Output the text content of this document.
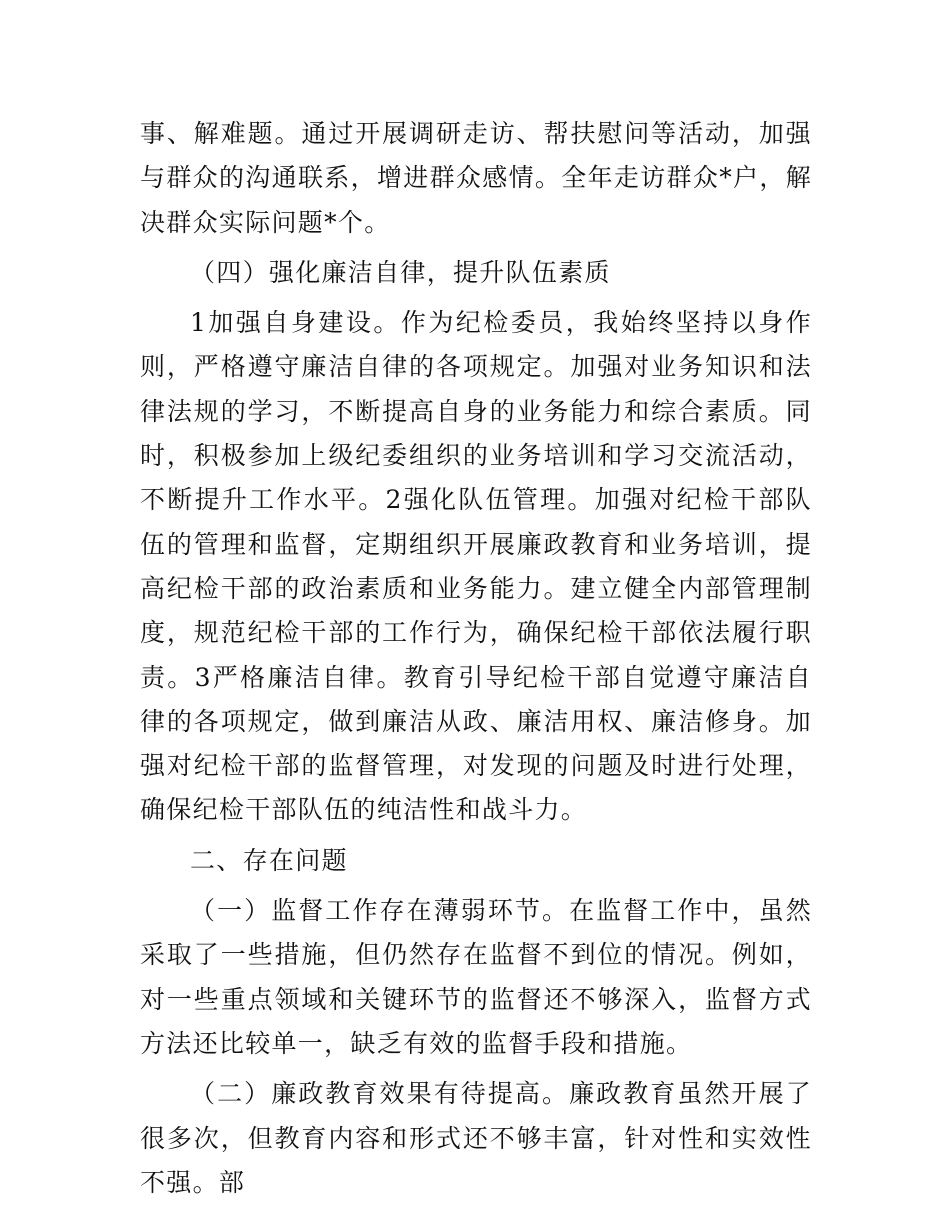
事、解难题。通过开展调研走访、帮扶慰问等活动，加强与群众的沟通联系，增进群众感情。全年走访群众*户，解决群众实际问题*个。

（四）强化廉洁自律，提升队伍素质

1加强自身建设。作为纪检委员，我始终坚持以身作则，严格遵守廉洁自律的各项规定。加强对业务知识和法律法规的学习，不断提高自身的业务能力和综合素质。同时，积极参加上级纪委组织的业务培训和学习交流活动，不断提升工作水平。2强化队伍管理。加强对纪检干部队伍的管理和监督，定期组织开展廉政教育和业务培训，提高纪检干部的政治素质和业务能力。建立健全内部管理制度，规范纪检干部的工作行为，确保纪检干部依法履行职责。3严格廉洁自律。教育引导纪检干部自觉遵守廉洁自律的各项规定，做到廉洁从政、廉洁用权、廉洁修身。加强对纪检干部的监督管理，对发现的问题及时进行处理，确保纪检干部队伍的纯洁性和战斗力。

二、存在问题

（一）监督工作存在薄弱环节。在监督工作中，虽然采取了一些措施，但仍然存在监督不到位的情况。例如，对一些重点领域和关键环节的监督还不够深入，监督方式方法还比较单一，缺乏有效的监督手段和措施。

（二）廉政教育效果有待提高。廉政教育虽然开展了很多次，但教育内容和形式还不够丰富，针对性和实效性不强。部
